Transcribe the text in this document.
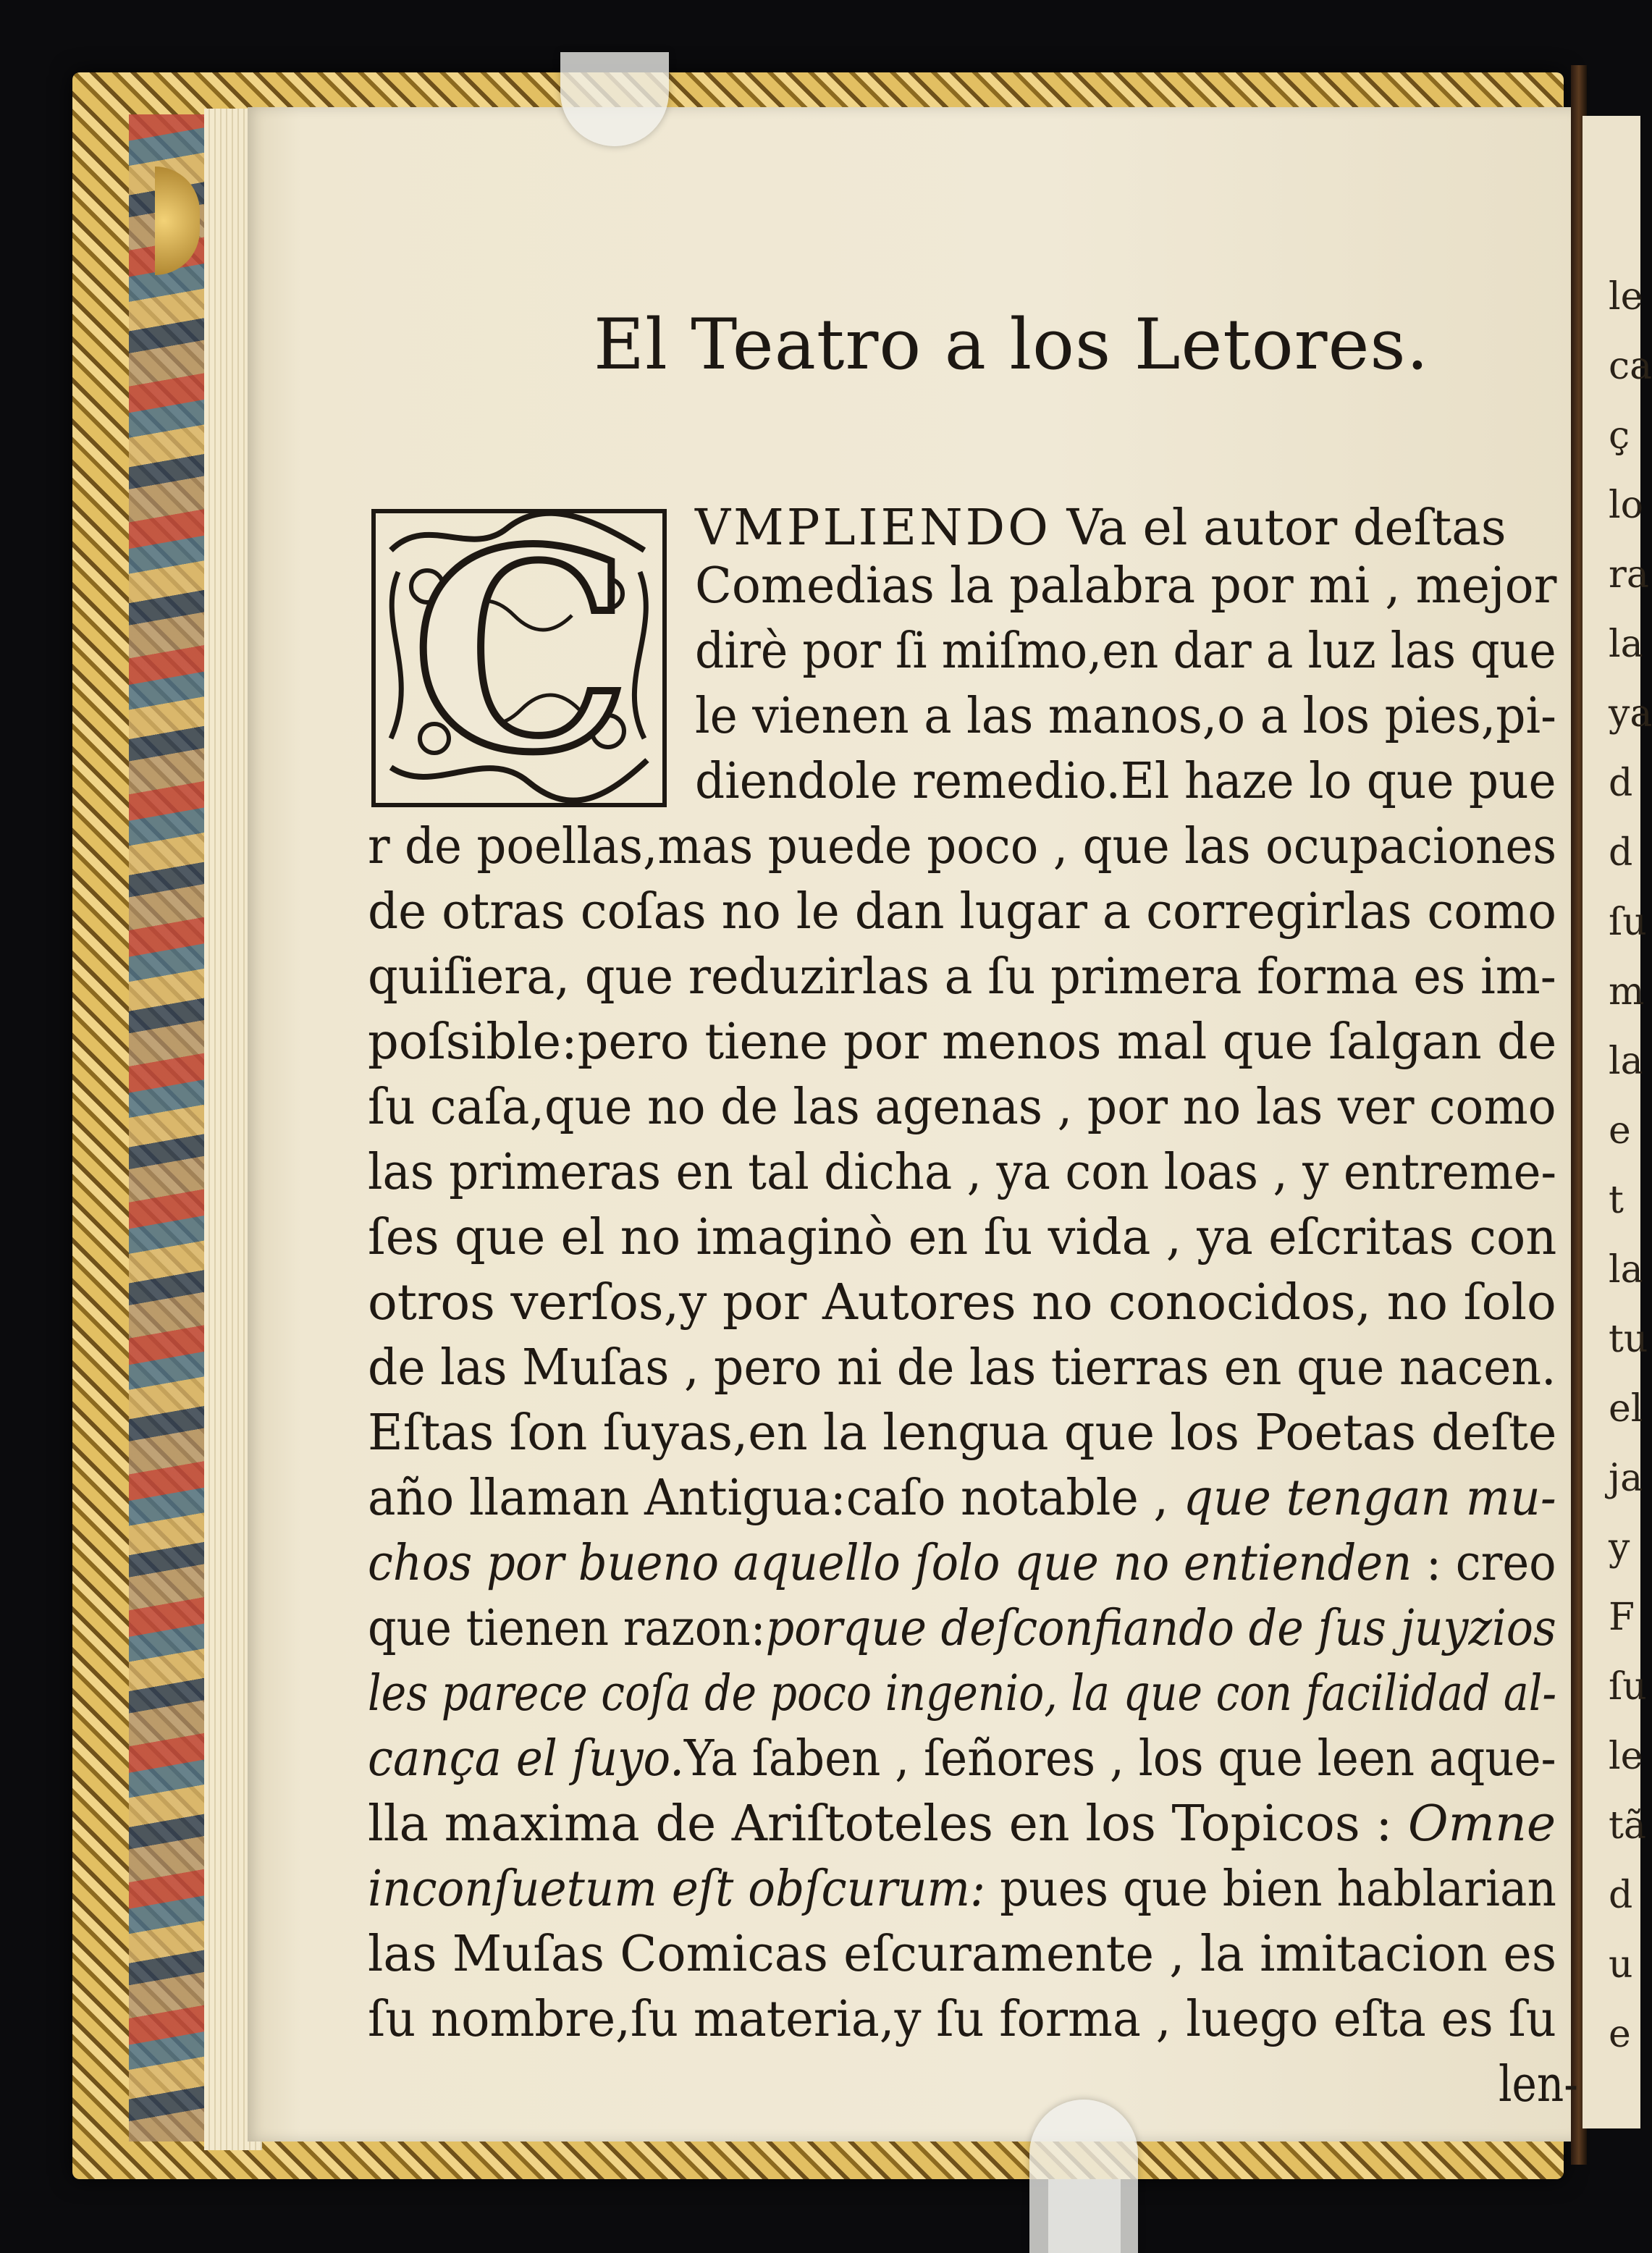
le
ca
ç
lo
ra
la
ya
d
d
ſu
m
la
e
t
la
tu
el
ja
y
F
ſu
le
tã
d
u
e
El Teatro a los Letores.
C	VMPLIENDO Va el autor deſtas

Comedias la palabra por mi , mejor

dirè por ſi miſmo,en dar a luz las que

le vienen a las manos,o a los pies,pi-

diendole remedio.El haze lo que pue

r de poellas,mas puede poco , que las ocupaciones

de otras coſas no le dan lugar a corregirlas como

quiſiera, que reduzirlas a ſu primera forma es im-

poſsible:pero tiene por menos mal que ſalgan de

ſu caſa,que no de las agenas , por no las ver como

las primeras en tal dicha , ya con loas , y entreme-

ſes que el no imaginò en ſu vida , ya eſcritas con

otros verſos,y por Autores no conocidos, no ſolo

de las Muſas , pero ni de las tierras en que nacen.

Eſtas ſon ſuyas,en la lengua que los Poetas deſte

año llaman Antigua:caſo notable , que tengan mu-

chos por bueno aquello ſolo que no entienden : creo

que tienen razon:porque deſconfiando de ſus juyzios

les parece coſa de poco ingenio, la que con facilidad al-

cança el ſuyo.Ya ſaben , ſeñores , los que leen aque-

lla maxima de Ariſtoteles en los Topicos : Omne

inconſuetum eſt obſcurum: pues que bien hablarian

las Muſas Comicas eſcuramente , la imitacion es

ſu nombre,ſu materia,y ſu forma , luego eſta es ſu

len-
